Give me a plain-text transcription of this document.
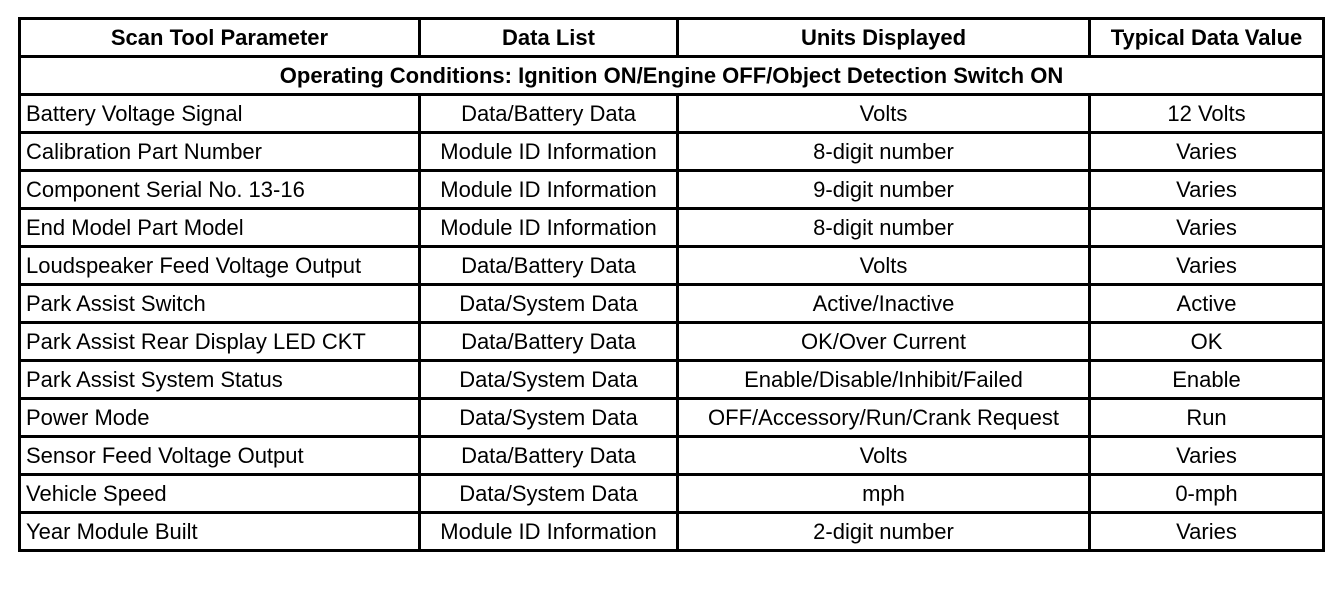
Scan Tool Parameter	Data List	Units Displayed	Typical Data Value
Operating Conditions: Ignition ON/Engine OFF/Object Detection Switch ON			
Battery Voltage Signal	Data/Battery Data	Volts	12 Volts
Calibration Part Number	Module ID Information	8-digit number	Varies
Component Serial No. 13-16	Module ID Information	9-digit number	Varies
End Model Part Model	Module ID Information	8-digit number	Varies
Loudspeaker Feed Voltage Output	Data/Battery Data	Volts	Varies
Park Assist Switch	Data/System Data	Active/Inactive	Active
Park Assist Rear Display LED CKT	Data/Battery Data	OK/Over Current	OK
Park Assist System Status	Data/System Data	Enable/Disable/Inhibit/Failed	Enable
Power Mode	Data/System Data	OFF/Accessory/Run/Crank Request	Run
Sensor Feed Voltage Output	Data/Battery Data	Volts	Varies
Vehicle Speed	Data/System Data	mph	0-mph
Year Module Built	Module ID Information	2-digit number	Varies
